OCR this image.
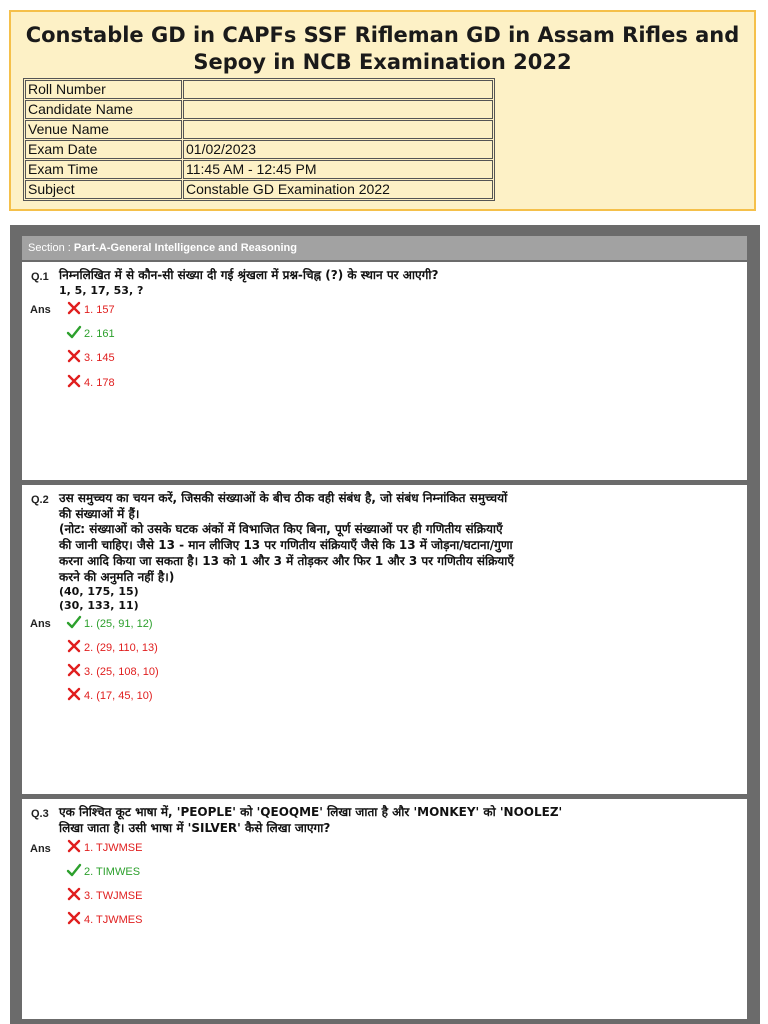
Constable GD in CAPFs SSF Rifleman GD in Assam Rifles and
Sepoy in NCB Examination 2022
Roll Number	
Candidate Name	
Venue Name	
Exam Date	01/02/2023
Exam Time	11:45 AM - 12:45 PM
Subject	Constable GD Examination 2022
Section : Part-A-General Intelligence and Reasoning
Q.1 निम्नलिखित में से कौन-सी संख्या दी गई श्रृंखला में प्रश्न-चिह्न (?) के स्थान पर आएगी?
1, 5, 17, 53, ?
Ans	1. 157
2. 161
3. 145
4. 178
Q.2 उस समुच्चय का चयन करें, जिसकी संख्याओं के बीच ठीक वही संबंध है, जो संबंध निम्नांकित समुच्चयों
की संख्याओं में हैं।
(नोट: संख्याओं को उसके घटक अंकों में विभाजित किए बिना, पूर्ण संख्याओं पर ही गणितीय संक्रियाएँ
की जानी चाहिए। जैसे 13 - मान लीजिए 13 पर गणितीय संक्रियाएँ जैसे कि 13 में जोड़ना/घटाना/गुणा
करना आदि किया जा सकता है। 13 को 1 और 3 में तोड़कर और फिर 1 और 3 पर गणितीय संक्रियाएँ
करने की अनुमति नहीं है।)
(40, 175, 15)
(30, 133, 11)
Ans	1. (25, 91, 12)
2. (29, 110, 13)
3. (25, 108, 10)
4. (17, 45, 10)
Q.3 एक निश्चित कूट भाषा में, 'PEOPLE' को 'QEOQME' लिखा जाता है और 'MONKEY' को 'NOOLEZ'
लिखा जाता है। उसी भाषा में 'SILVER' कैसे लिखा जाएगा?
Ans	1. TJWMSE
2. TIMWES
3. TWJMSE
4. TJWMES
